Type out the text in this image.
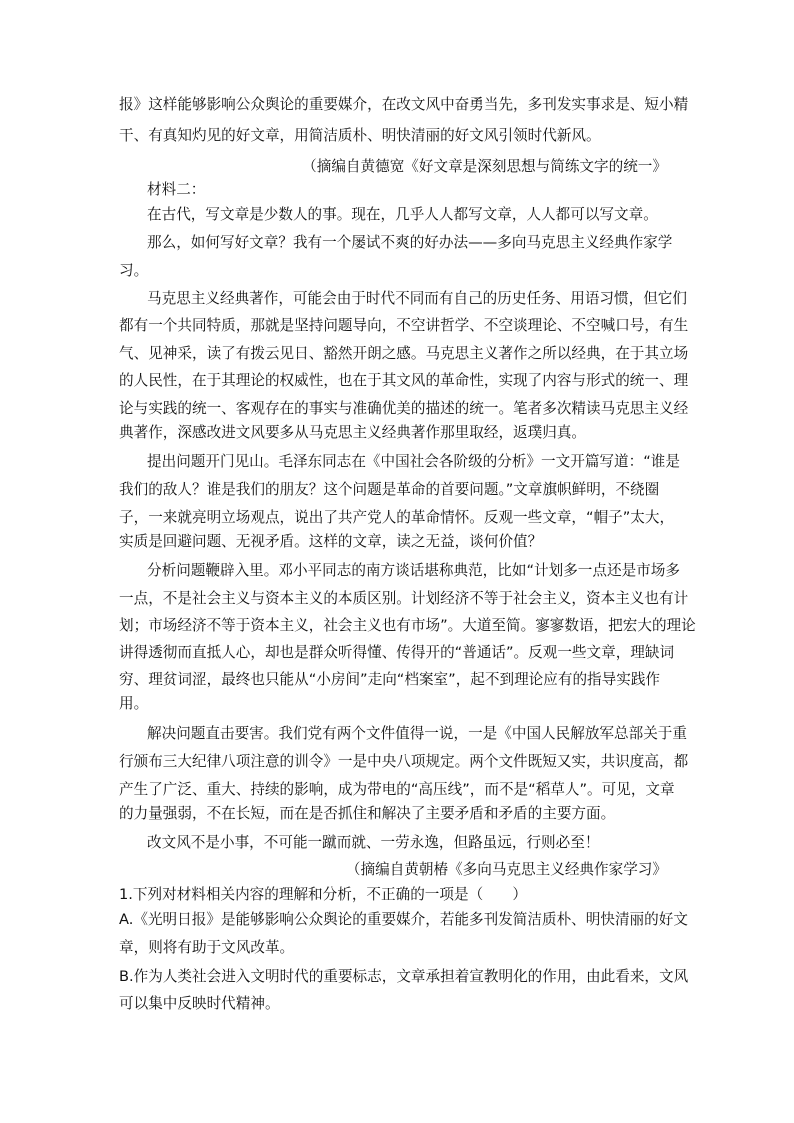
报》这样能够影响公众舆论的重要媒介，在改文风中奋勇当先，多刊发实事求是、短小精
干、有真知灼见的好文章，用简洁质朴、明快清丽的好文风引领时代新风。
（摘编自黄德宽《好文章是深刻思想与简练文字的统一》
材料二：
在古代，写文章是少数人的事。现在，几乎人人都写文章，人人都可以写文章。
那么，如何写好文章？我有一个屡试不爽的好办法——多向马克思主义经典作家学
习。
马克思主义经典著作，可能会由于时代不同而有自己的历史任务、用语习惯，但它们
都有一个共同特质，那就是坚持问题导向，不空讲哲学、不空谈理论、不空喊口号，有生
气、见神采，读了有拨云见日、豁然开朗之感。马克思主义著作之所以经典，在于其立场
的人民性，在于其理论的权威性，也在于其文风的革命性，实现了内容与形式的统一、理
论与实践的统一、客观存在的事实与准确优美的描述的统一。笔者多次精读马克思主义经
典著作，深感改进文风要多从马克思主义经典著作那里取经，返璞归真。
提出问题开门见山。毛泽东同志在《中国社会各阶级的分析》一文开篇写道：“谁是
我们的敌人？谁是我们的朋友？这个问题是革命的首要问题。”文章旗帜鲜明，不绕圈
子，一来就亮明立场观点，说出了共产党人的革命情怀。反观一些文章，“帽子”太大，
实质是回避问题、无视矛盾。这样的文章，读之无益，谈何价值？
分析问题鞭辟入里。邓小平同志的南方谈话堪称典范，比如“计划多一点还是市场多
一点，不是社会主义与资本主义的本质区别。计划经济不等于社会主义，资本主义也有计
划；市场经济不等于资本主义，社会主义也有市场”。大道至简。寥寥数语，把宏大的理论
讲得透彻而直抵人心，却也是群众听得懂、传得开的“普通话”。反观一些文章，理缺词
穷、理贫词涩，最终也只能从“小房间”走向“档案室”，起不到理论应有的指导实践作
用。
解决问题直击要害。我们党有两个文件值得一说，一是《中国人民解放军总部关于重
行颁布三大纪律八项注意的训令》一是中央八项规定。两个文件既短又实，共识度高，都
产生了广泛、重大、持续的影响，成为带电的“高压线”，而不是“稻草人”。可见，文章
的力量强弱，不在长短，而在是否抓住和解决了主要矛盾和矛盾的主要方面。
改文风不是小事，不可能一蹴而就、一劳永逸，但路虽远，行则必至！
（摘编自黄朝椿《多向马克思主义经典作家学习》
1.下列对材料相关内容的理解和分析，不正确的一项是（　　）
A.《光明日报》是能够影响公众舆论的重要媒介，若能多刊发简洁质朴、明快清丽的好文
章，则将有助于文风改革。
B.作为人类社会进入文明时代的重要标志，文章承担着宣教明化的作用，由此看来，文风
可以集中反映时代精神。
